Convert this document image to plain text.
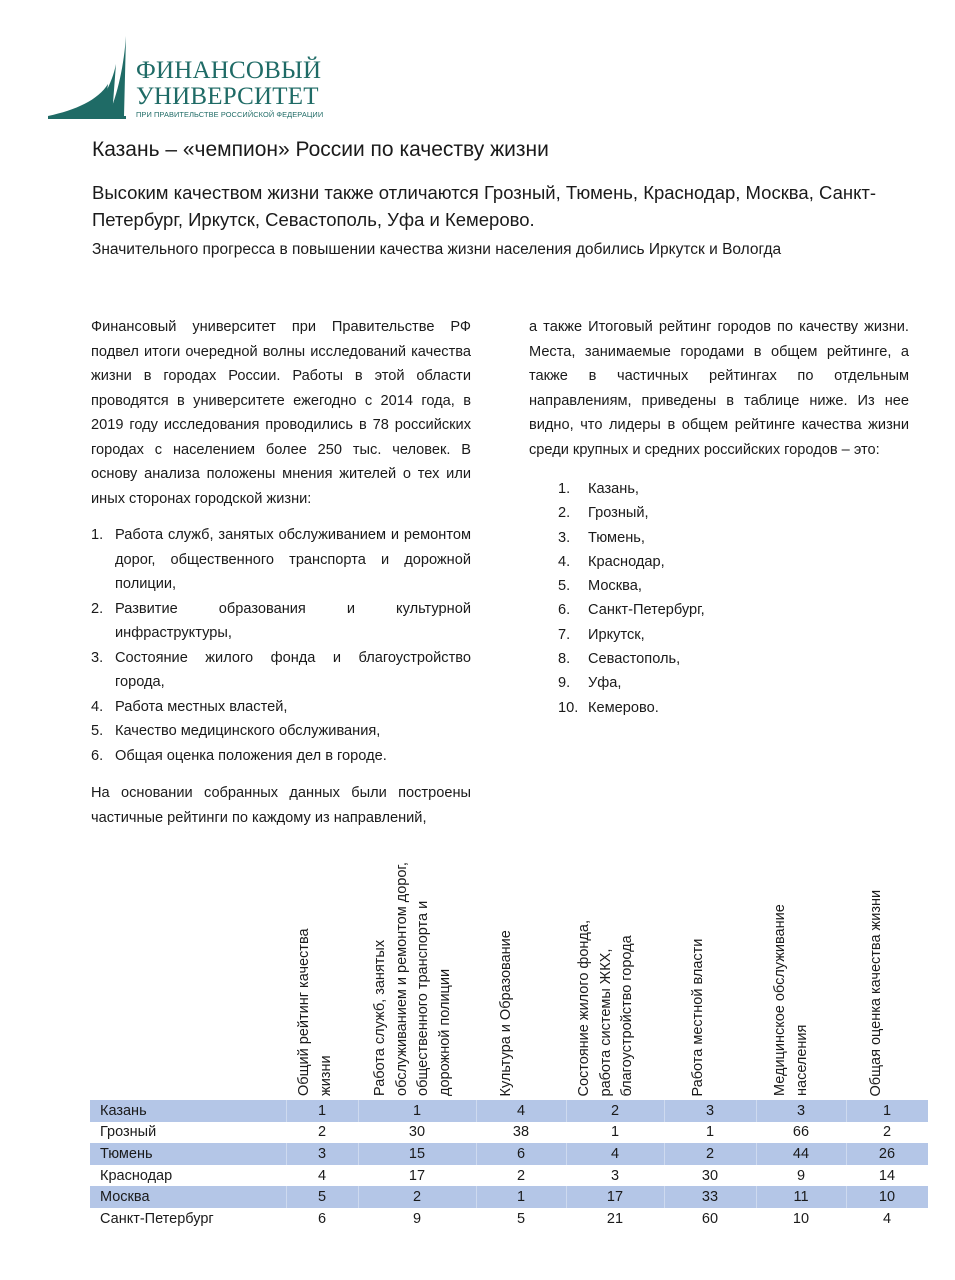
ФИНАНСОВЫЙ
УНИВЕРСИТЕТ
ПРИ ПРАВИТЕЛЬСТВЕ РОССИЙСКОЙ ФЕДЕРАЦИИ
Казань – «чемпион» России по качеству жизни
Высоким качеством жизни также отличаются Грозный, Тюмень, Краснодар, Москва, Санкт-Петербург, Иркутск, Севастополь, Уфа и Кемерово.
Значительного прогресса в повышении качества жизни населения добились Иркутск и Вологда

Финансовый университет при Правительстве РФ подвел итоги очередной волны исследований качества жизни в городах России. Работы в этой области проводятся в университете ежегодно с 2014 года, в 2019 году исследования проводились в 78 российских городах с населением более 250 тыс. человек. В основу анализа положены мнения жителей о тех или иных сторонах городской жизни:

1. Работа служб, занятых обслуживанием и ремонтом дорог, общественного транспорта и дорожной полиции,
2. Развитие образования и культурной инфраструктуры,
3. Состояние жилого фонда и благоустройство города,
4. Работа местных властей,
5. Качество медицинского обслуживания,
6. Общая оценка положения дел в городе.

На основании собранных данных были построены частичные рейтинги по каждому из направлений,

а также Итоговый рейтинг городов по качеству жизни. Места, занимаемые городами в общем рейтинге, а также в частичных рейтингах по отдельным направлениям, приведены в таблице ниже. Из нее видно, что лидеры в общем рейтинге качества жизни среди крупных и средних российских городов – это:

1. Казань,
2. Грозный,
3. Тюмень,
4. Краснодар,
5. Москва,
6. Санкт-Петербург,
7. Иркутск,
8. Севастополь,
9. Уфа,
10. Кемерово.

	Общий рейтинг качества жизни	Работа служб, занятых обслуживанием и ремонтом дорог, общественного транспорта и дорожной полиции	Культура и Образование	Состояние жилого фонда, работа системы ЖКХ, благоустройство города	Работа местной власти	Медицинское обслуживание населения	Общая оценка качества жизни

Казань	1	1	4	2	3	3	1
Грозный	2	30	38	1	1	66	2
Тюмень	3	15	6	4	2	44	26
Краснодар	4	17	2	3	30	9	14
Москва	5	2	1	17	33	11	10
Санкт-Петербург	6	9	5	21	60	10	4
